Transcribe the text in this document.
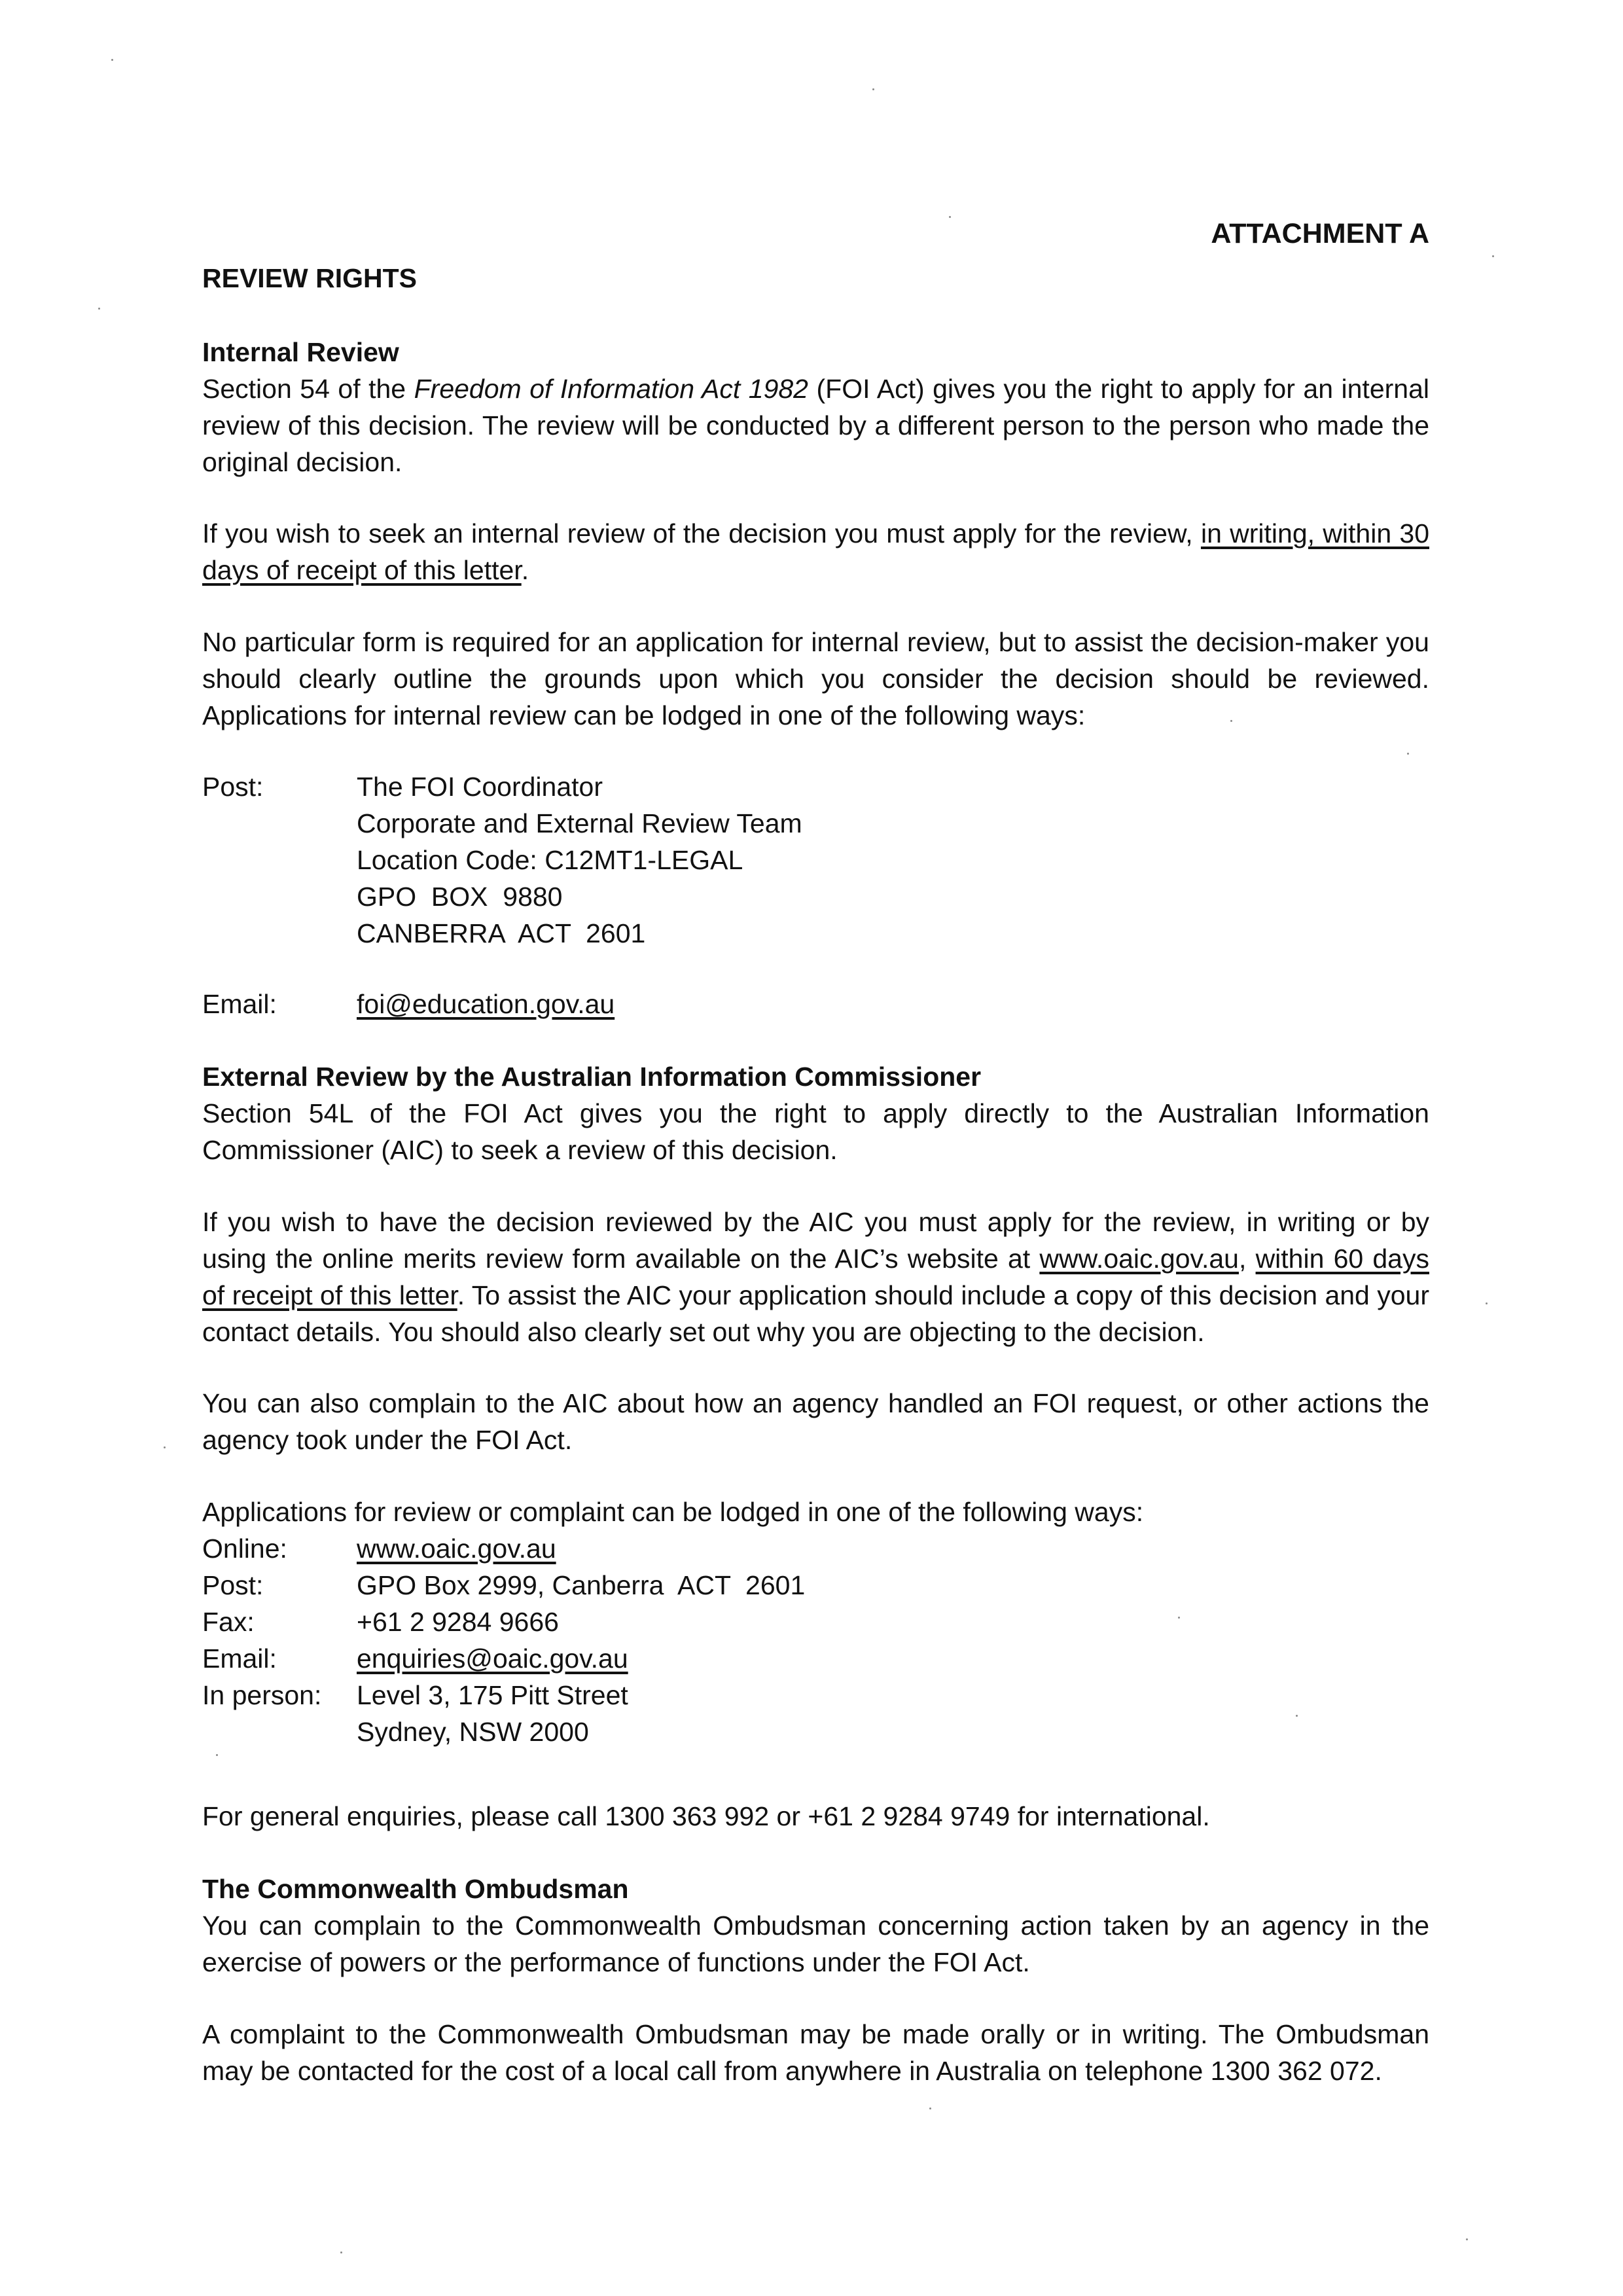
ATTACHMENT A
REVIEW RIGHTS
Internal Review

Section 54 of the Freedom of Information Act 1982 (FOI Act) gives you the right to apply for an internal review of this decision. The review will be conducted by a different person to the person who made the original decision.

If you wish to seek an internal review of the decision you must apply for the review, in writing, within 30 days of receipt of this letter.

No particular form is required for an application for internal review, but to assist the decision-maker you should clearly outline the grounds upon which you consider the decision should be reviewed. Applications for internal review can be lodged in one of the following ways:

Post:	The FOI Coordinator
Corporate and External Review Team
Location Code: C12MT1-LEGAL
GPO  BOX  9880
CANBERRA  ACT  2601
Email:	foi@education.gov.au
External Review by the Australian Information Commissioner

Section 54L of the FOI Act gives you the right to apply directly to the Australian Information Commissioner (AIC) to seek a review of this decision.

If you wish to have the decision reviewed by the AIC you must apply for the review, in writing or by using the online merits review form available on the AIC’s website at www.oaic.gov.au, within 60 days of receipt of this letter. To assist the AIC your application should include a copy of this decision and your contact details. You should also clearly set out why you are objecting to the decision.

You can also complain to the AIC about how an agency handled an FOI request, or other actions the agency took under the FOI Act.

Applications for review or complaint can be lodged in one of the following ways:

Online:	www.oaic.gov.au
Post:	GPO Box 2999, Canberra  ACT  2601
Fax:	+61 2 9284 9666
Email:	enquiries@oaic.gov.au
In person:	Level 3, 175 Pitt Street
Sydney, NSW 2000

For general enquiries, please call 1300 363 992 or +61 2 9284 9749 for international.

The Commonwealth Ombudsman

You can complain to the Commonwealth Ombudsman concerning action taken by an agency in the exercise of powers or the performance of functions under the FOI Act.

A complaint to the Commonwealth Ombudsman may be made orally or in writing. The Ombudsman may be contacted for the cost of a local call from anywhere in Australia on telephone 1300 362 072.
